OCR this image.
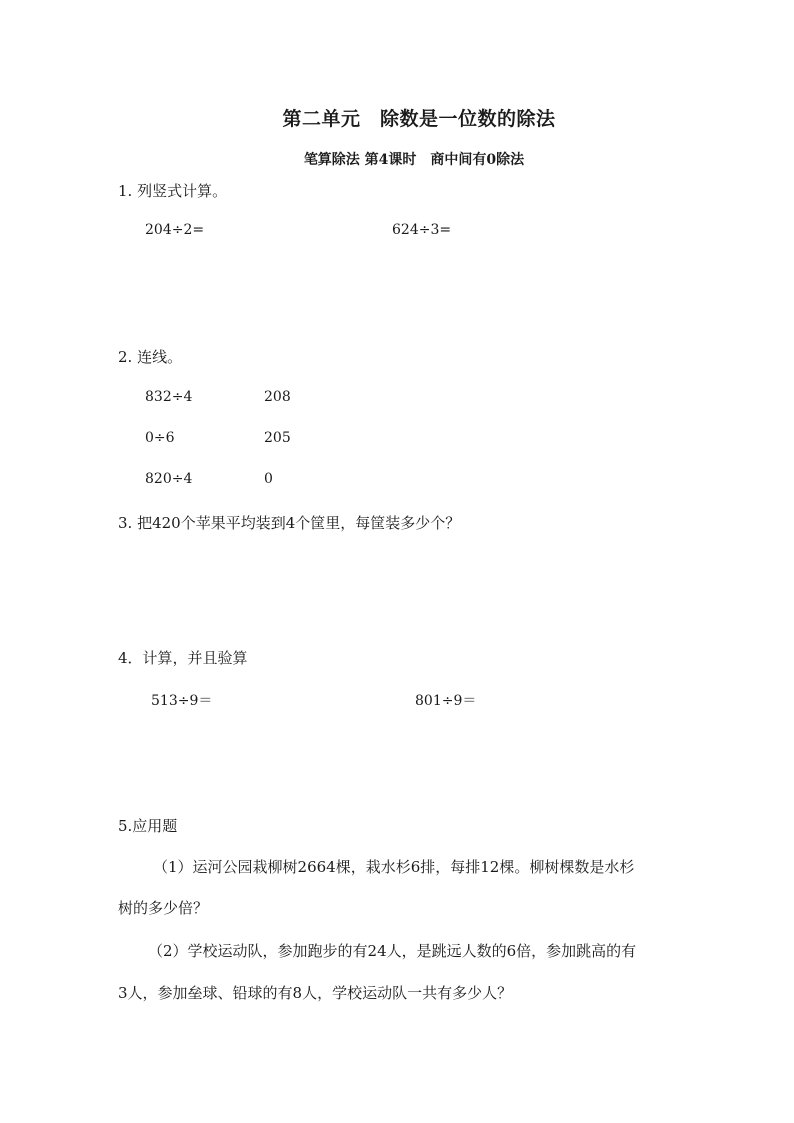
第二单元　除数是一位数的除法
笔算除法 第4课时　商中间有0除法
1. 列竖式计算。
204÷2=	624÷3=
2. 连线。
832÷4	208
0÷6	205
820÷4	0
3. 把420个苹果平均装到4个筐里，每筐装多少个？
4．计算，并且验算
513÷9＝	801÷9＝
5.应用题
（1）运河公园栽柳树2664棵，栽水杉6排，每排12棵。柳树棵数是水杉
树的多少倍？
（2）学校运动队，参加跑步的有24人，是跳远人数的6倍，参加跳高的有
3人，参加垒球、铅球的有8人，学校运动队一共有多少人？
